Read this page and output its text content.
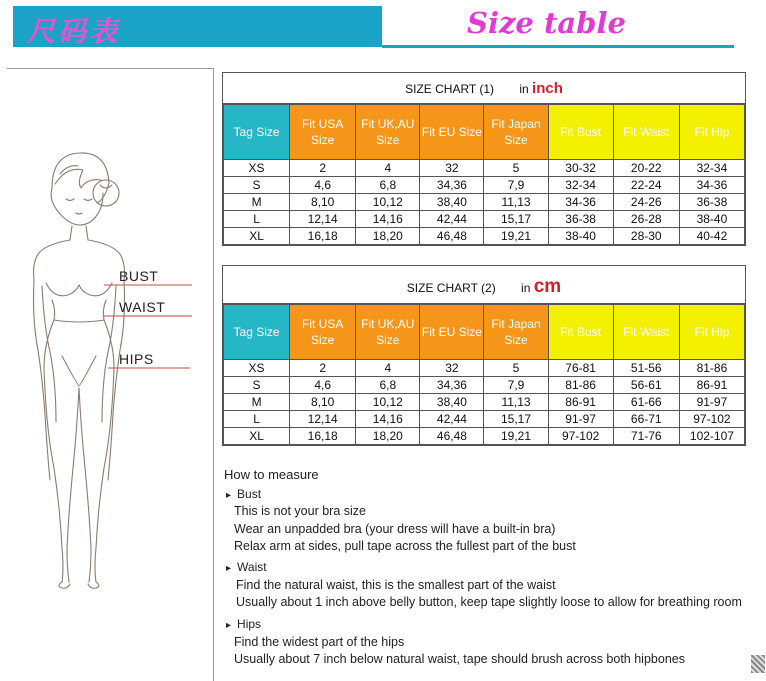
尺码表	Size table
BUST
WAIST
HIPS
SIZE CHART (1) in inch
Tag Size	Fit USA Size	Fit UK,AU Size	Fit EU Size	Fit Japan Size	Fit Bust	Fit Waist	Fit Hip
XS	2	4	32	5	30-32	20-22	32-34
S	4,6	6,8	34,36	7,9	32-34	22-24	34-36
M	8,10	10,12	38,40	11,13	34-36	24-26	36-38
L	12,14	14,16	42,44	15,17	36-38	26-28	38-40
XL	16,18	18,20	46,48	19,21	38-40	28-30	40-42
SIZE CHART (2) in cm
Tag Size	Fit USA Size	Fit UK,AU Size	Fit EU Size	Fit Japan Size	Fit Bust	Fit Waist	Fit Hip
XS	2	4	32	5	76-81	51-56	81-86
S	4,6	6,8	34,36	7,9	81-86	56-61	86-91
M	8,10	10,12	38,40	11,13	86-91	61-66	91-97
L	12,14	14,16	42,44	15,17	91-97	66-71	97-102
XL	16,18	18,20	46,48	19,21	97-102	71-76	102-107
How to measure
▸ Bust
This is not your bra size
Wear an unpadded bra (your dress will have a built-in bra)
Relax arm at sides, pull tape across the fullest part of the bust
▸ Waist
Find the natural waist, this is the smallest part of the waist
Usually about 1 inch above belly button, keep tape slightly loose to allow for breathing room
▸ Hips
Find the widest part of the hips
Usually about 7 inch below natural waist, tape should brush across both hipbones
